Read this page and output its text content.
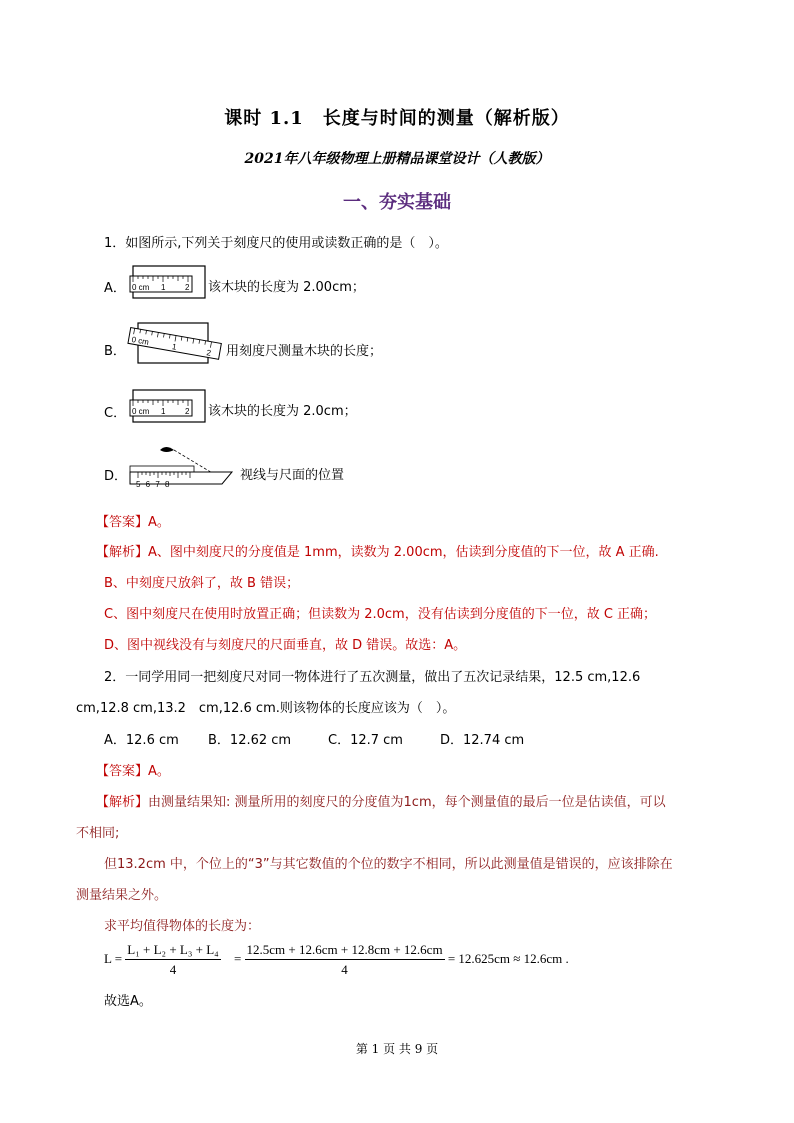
课时 1.1　长度与时间的测量（解析版）
2021年八年级物理上册精品课堂设计（人教版）
一、夯实基础
1．如图所示,下列关于刻度尺的使用或读数正确的是（　）。
A． 0 cm 1 2 该木块的长度为 2.00cm；
B．
0 cm
1
2 用刻度尺测量木块的长度；
C． 0 cm 1 2 该木块的长度为 2.0cm；
D．
5 6 7 8
视线与尺面的位置
【答案】A。
【解析】A、图中刻度尺的分度值是 1mm，读数为 2.00cm，估读到分度值的下一位，故 A 正确.
B、中刻度尺放斜了，故 B 错误；
C、图中刻度尺在使用时放置正确；但读数为 2.0cm，没有估读到分度值的下一位，故 C 正确；
D、图中视线没有与刻度尺的尺面垂直，故 D 错误。故选：A。
2．一同学用同一把刻度尺对同一物体进行了五次测量，做出了五次记录结果，12.5 cm,12.6
cm,12.8 cm,13.2　cm,12.6 cm.则该物体的长度应该为（　）。
A．12.6 cm B．12.62 cm	C．12.7 cm	D．12.74 cm
【答案】A。
【解析】由测量结果知: 测量所用的刻度尺的分度值为1cm，每个测量值的最后一位是估读值，可以
不相同;
但13.2cm 中，个位上的“3”与其它数值的个位的数字不相同，所以此测量值是错误的，应该排除在
测量结果之外。
求平均值得物体的长度为：
$L = \frac{\text{L₁ + L₂ + L₃ + L₄}}{4} = \frac{12.5cm + 12.6cm + 12.8cm + 12.6cm}{4} = 12.625cm \approx 12.6cm$ .
故选A。
第 1 页 共 9 页
